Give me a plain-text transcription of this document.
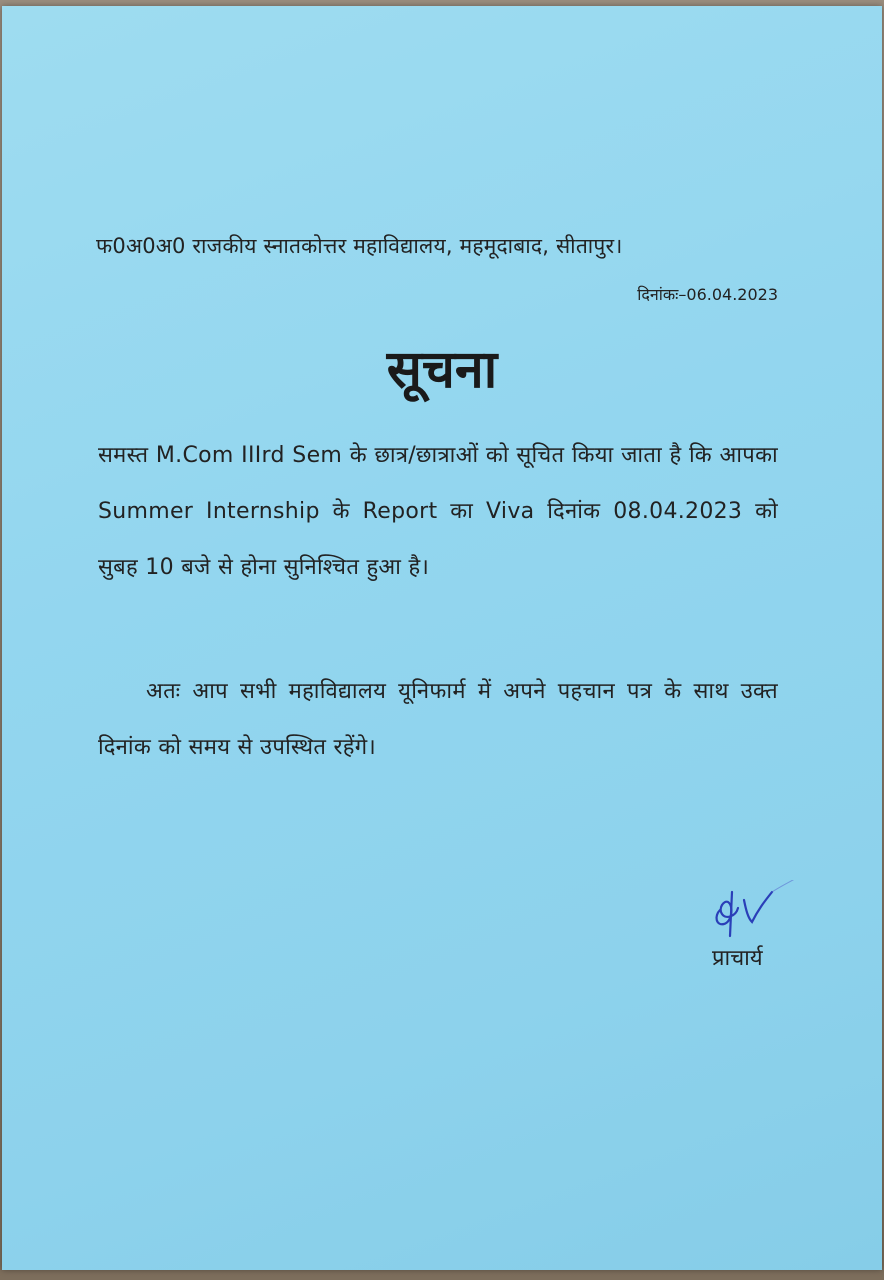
फ0अ0अ0 राजकीय स्नातकोत्तर महाविद्यालय, महमूदाबाद, सीतापुर।
दिनांकः–06.04.2023
सूचना
समस्त M.Com IIIrd Sem के छात्र/छात्राओं को सूचित किया जाता है कि आपका Summer Internship के Report का Viva दिनांक 08.04.2023 को सुबह 10 बजे से होना सुनिश्चित हुआ है।
अतः आप सभी महाविद्यालय यूनिफार्म में अपने पहचान पत्र के साथ उक्त दिनांक को समय से उपस्थित रहेंगे।
प्राचार्य
